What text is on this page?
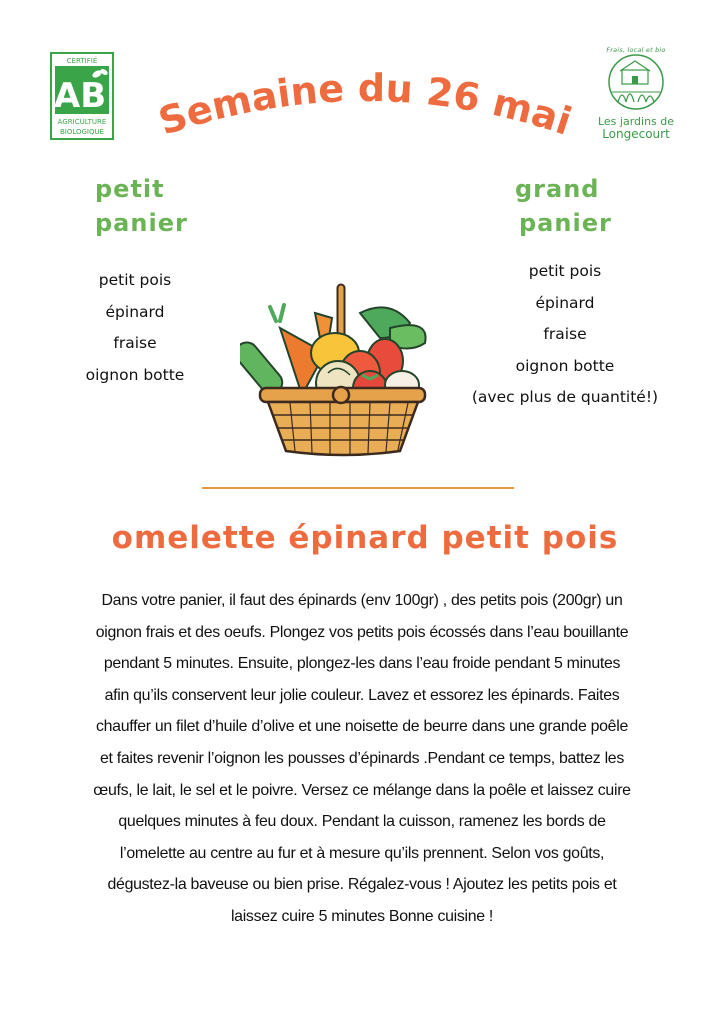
CERTIFIÉ
AB
AGRICULTURE
BIOLOGIQUE Semaine du 26 mai
Frais, local et bio
Les jardins de
Longecourt
petit
panier
petit pois
épinard
fraise
oignon botte
grand
panier
petit pois
épinard
fraise
oignon botte
(avec plus de quantité!)
omelette épinard petit pois
Dans votre panier, il faut des épinards (env 100gr) , des petits pois (200gr) un
oignon frais et des oeufs. Plongez vos petits pois écossés dans l’eau bouillante
pendant 5 minutes. Ensuite, plongez-les dans l’eau froide pendant 5 minutes
afin qu’ils conservent leur jolie couleur. Lavez et essorez les épinards. Faites
chauffer un filet d’huile d’olive et une noisette de beurre dans une grande poêle
et faites revenir l’oignon les pousses d’épinards .Pendant ce temps, battez les
œufs, le lait, le sel et le poivre. Versez ce mélange dans la poêle et laissez cuire
quelques minutes à feu doux. Pendant la cuisson, ramenez les bords de
l’omelette au centre au fur et à mesure qu’ils prennent. Selon vos goûts,
dégustez-la baveuse ou bien prise. Régalez-vous ! Ajoutez les petits pois et
laissez cuire 5 minutes Bonne cuisine !
